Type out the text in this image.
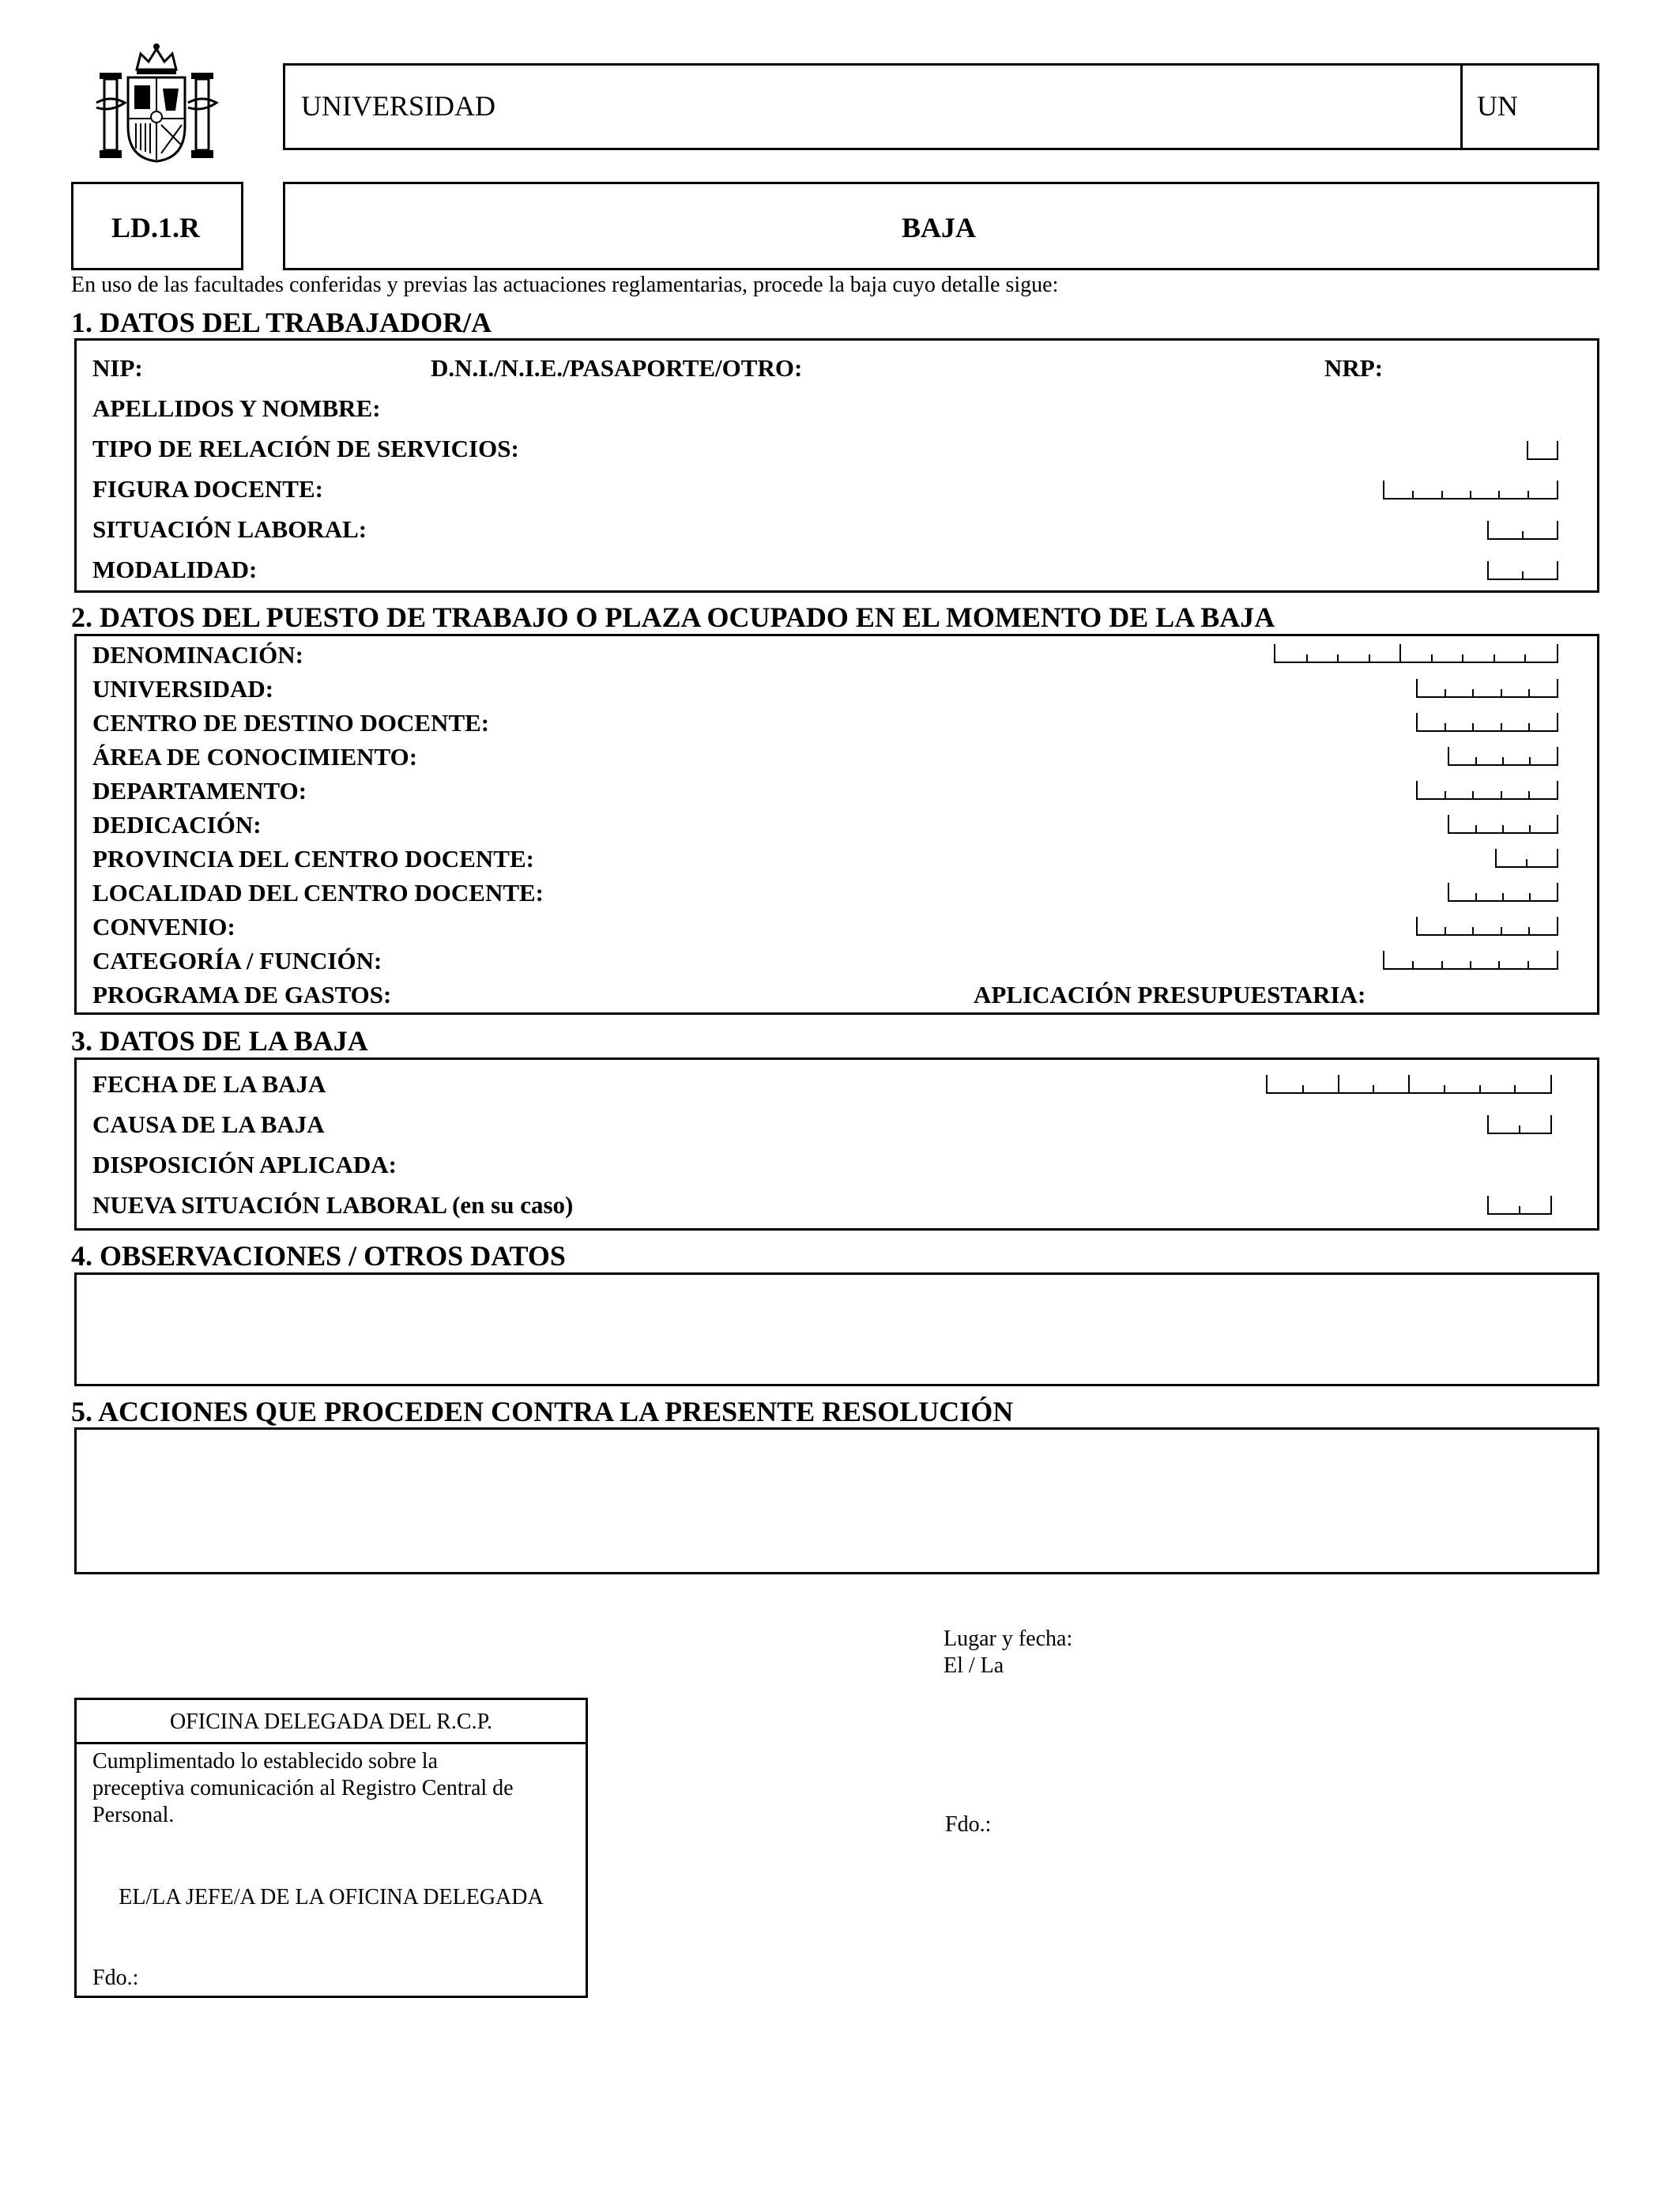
UNIVERSIDAD	UN
LD.1.R	BAJA
En uso de las facultades conferidas y previas las actuaciones reglamentarias, procede la baja cuyo detalle sigue:
1. DATOS DEL TRABAJADOR/A
NIP:	D.N.I./N.I.E./PASAPORTE/OTRO:	NRP:
APELLIDOS Y NOMBRE:
TIPO DE RELACIÓN DE SERVICIOS:
FIGURA DOCENTE:
SITUACIÓN LABORAL:
MODALIDAD:
2. DATOS DEL PUESTO DE TRABAJO O PLAZA OCUPADO EN EL MOMENTO DE LA BAJA
DENOMINACIÓN:
UNIVERSIDAD:
CENTRO DE DESTINO DOCENTE:
ÁREA DE CONOCIMIENTO:
DEPARTAMENTO:
DEDICACIÓN:
PROVINCIA DEL CENTRO DOCENTE:
LOCALIDAD DEL CENTRO DOCENTE:
CONVENIO:
CATEGORÍA / FUNCIÓN:
PROGRAMA DE GASTOS:	APLICACIÓN PRESUPUESTARIA:
3. DATOS DE LA BAJA
FECHA DE LA BAJA
CAUSA DE LA BAJA
DISPOSICIÓN APLICADA:
NUEVA SITUACIÓN LABORAL (en su caso)
4. OBSERVACIONES / OTROS DATOS
5. ACCIONES QUE PROCEDEN CONTRA LA PRESENTE RESOLUCIÓN
Lugar y fecha:
El / La
Fdo.:
OFICINA DELEGADA DEL R.C.P.
Cumplimentado lo establecido sobre la
preceptiva comunicación al Registro Central de
Personal.
EL/LA JEFE/A DE LA OFICINA DELEGADA
Fdo.:
